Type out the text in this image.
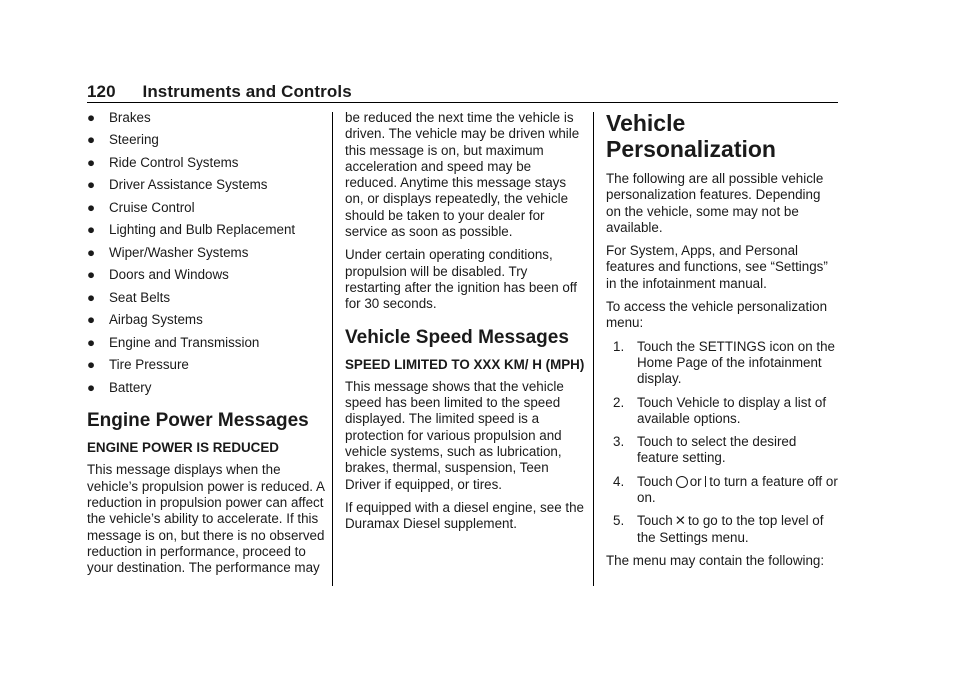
120 Instruments and Controls
● Brakes
● Steering
● Ride Control Systems
● Driver Assistance Systems
● Cruise Control
● Lighting and Bulb Replacement
● Wiper/Washer Systems
● Doors and Windows
● Seat Belts
● Airbag Systems
● Engine and Transmission
● Tire Pressure
● Battery
Engine Power Messages
ENGINE POWER IS REDUCED

This message displays when the vehicle’s propulsion power is reduced. A reduction in propulsion power can affect the vehicle’s ability to accelerate. If this message is on, but there is no observed reduction in performance, proceed to your destination. The performance may

be reduced the next time the vehicle is driven. The vehicle may be driven while this message is on, but maximum acceleration and speed may be reduced. Anytime this message stays on, or displays repeatedly, the vehicle should be taken to your dealer for service as soon as possible.

Under certain operating conditions, propulsion will be disabled. Try restarting after the ignition has been off for 30 seconds.

Vehicle Speed Messages
SPEED LIMITED TO XXX KM/ H (MPH)

This message shows that the vehicle speed has been limited to the speed displayed. The limited speed is a protection for various propulsion and vehicle systems, such as lubrication, brakes, thermal, suspension, Teen Driver if equipped, or tires.

If equipped with a diesel engine, see the Duramax Diesel supplement.

Vehicle
Personalization

The following are all possible vehicle personalization features. Depending on the vehicle, some may not be available.

For System, Apps, and Personal features and functions, see “Settings” in the infotainment manual.

To access the vehicle personalization menu:

1. Touch the SETTINGS icon on the Home Page of the infotainment display.
2. Touch Vehicle to display a list of available options.
3. Touch to select the desired feature setting.
4. Touch or to turn a feature off or on.
5. Touch ✕ to go to the top level of the Settings menu.

The menu may contain the following:
